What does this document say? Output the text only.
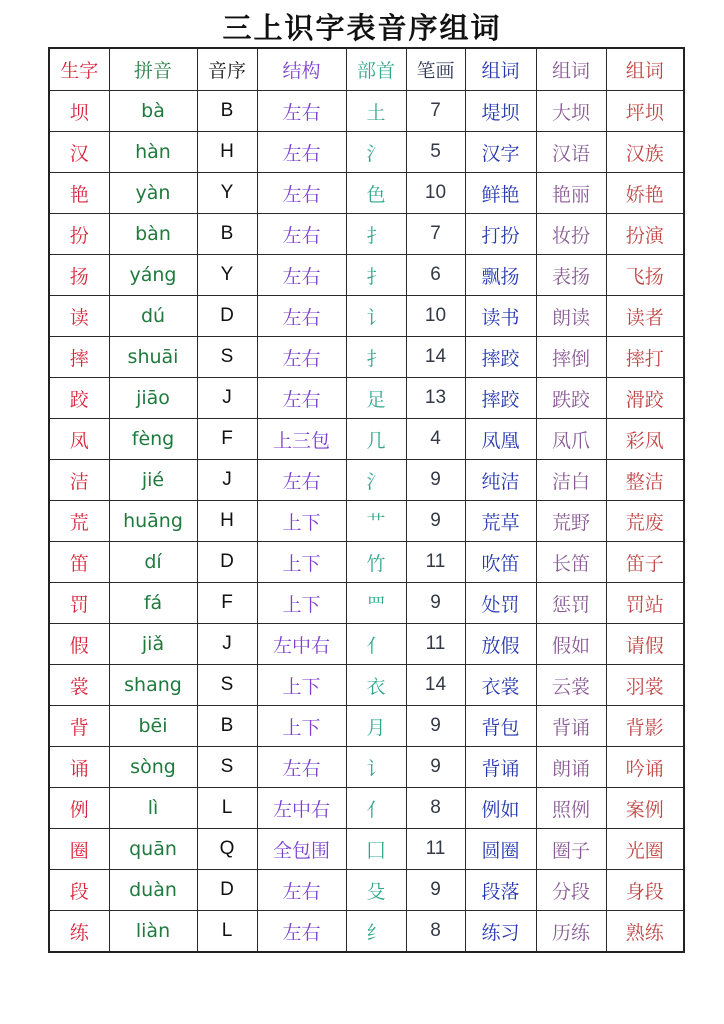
三上识字表音序组词
生字	拼音	音序	结构	部首	笔画	组词	组词	组词
坝	bà	B	左右	土	7	堤坝	大坝	坪坝
汉	hàn	H	左右	氵	5	汉字	汉语	汉族
艳	yàn	Y	左右	色	10	鲜艳	艳丽	娇艳
扮	bàn	B	左右	扌	7	打扮	妆扮	扮演
扬	yáng	Y	左右	扌	6	飘扬	表扬	飞扬
读	dú	D	左右	讠	10	读书	朗读	读者
摔	shuāi	S	左右	扌	14	摔跤	摔倒	摔打
跤	jiāo	J	左右	足	13	摔跤	跌跤	滑跤
凤	fèng	F	上三包	几	4	凤凰	凤爪	彩凤
洁	jié	J	左右	氵	9	纯洁	洁白	整洁
荒	huāng	H	上下	艹	9	荒草	荒野	荒废
笛	dí	D	上下	竹	11	吹笛	长笛	笛子
罚	fá	F	上下	罒	9	处罚	惩罚	罚站
假	jiǎ	J	左中右	亻	11	放假	假如	请假
裳	shang	S	上下	衣	14	衣裳	云裳	羽裳
背	bēi	B	上下	月	9	背包	背诵	背影
诵	sòng	S	左右	讠	9	背诵	朗诵	吟诵
例	lì	L	左中右	亻	8	例如	照例	案例
圈	quān	Q	全包围	囗	11	圆圈	圈子	光圈
段	duàn	D	左右	殳	9	段落	分段	身段
练	liàn	L	左右	纟	8	练习	历练	熟练
